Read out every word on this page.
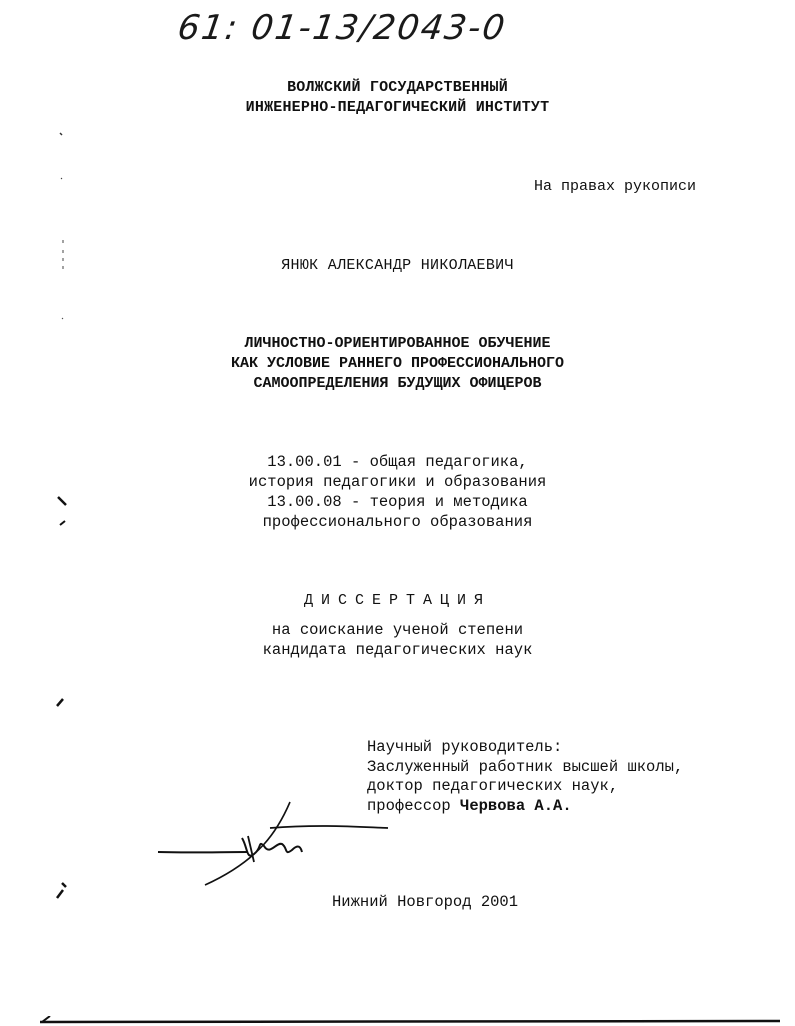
61: 01-13/2043-0
ВОЛЖСКИЙ ГОСУДАРСТВЕННЫЙ
ИНЖЕНЕРНО-ПЕДАГОГИЧЕСКИЙ ИНСТИТУТ
На правах рукописи
ЯНЮК АЛЕКСАНДР НИКОЛАЕВИЧ
ЛИЧНОСТНО-ОРИЕНТИРОВАННОЕ ОБУЧЕНИЕ
КАК УСЛОВИЕ РАННЕГО ПРОФЕССИОНАЛЬНОГО
САМООПРЕДЕЛЕНИЯ БУДУЩИХ ОФИЦЕРОВ
13.00.01 - общая педагогика,
история педагогики и образования
13.00.08 - теория и методика
профессионального образования
ДИССЕРТАЦИЯ
на соискание ученой степени
кандидата педагогических наук
Научный руководитель:
Заслуженный работник высшей школы,
доктор педагогических наук,
профессор Червова А.А.
Нижний Новгород 2001
